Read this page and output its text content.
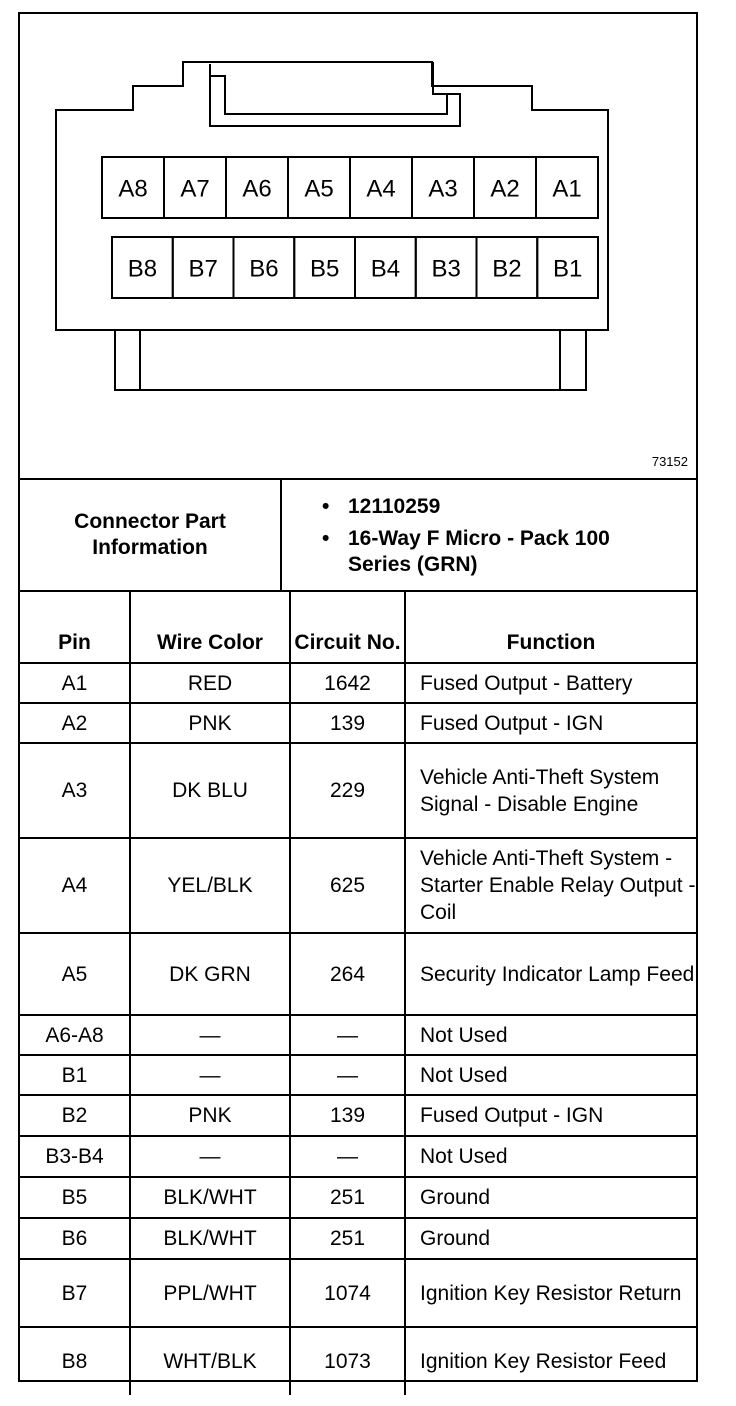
A8 A7 A6 A5 A4 A3 A2 A1
B8 B7 B6 B5 B4 B3 B2 B1
73152
Connector Part Information
• 12110259
• 16-Way F Micro - Pack 100 Series (GRN)
Pin	Wire Color	Circuit No.	Function
A1	RED	1642	Fused Output - Battery
A2	PNK	139	Fused Output - IGN
A3	DK BLU	229	Vehicle Anti-Theft System Signal - Disable Engine
A4	YEL/BLK	625	Vehicle Anti-Theft System - Starter Enable Relay Output - Coil
A5	DK GRN	264	Security Indicator Lamp Feed
A6-A8	—	—	Not Used
B1	—	—	Not Used
B2	PNK	139	Fused Output - IGN
B3-B4	—	—	Not Used
B5	BLK/WHT	251	Ground
B6	BLK/WHT	251	Ground
B7	PPL/WHT	1074	Ignition Key Resistor Return
B8	WHT/BLK	1073	Ignition Key Resistor Feed
